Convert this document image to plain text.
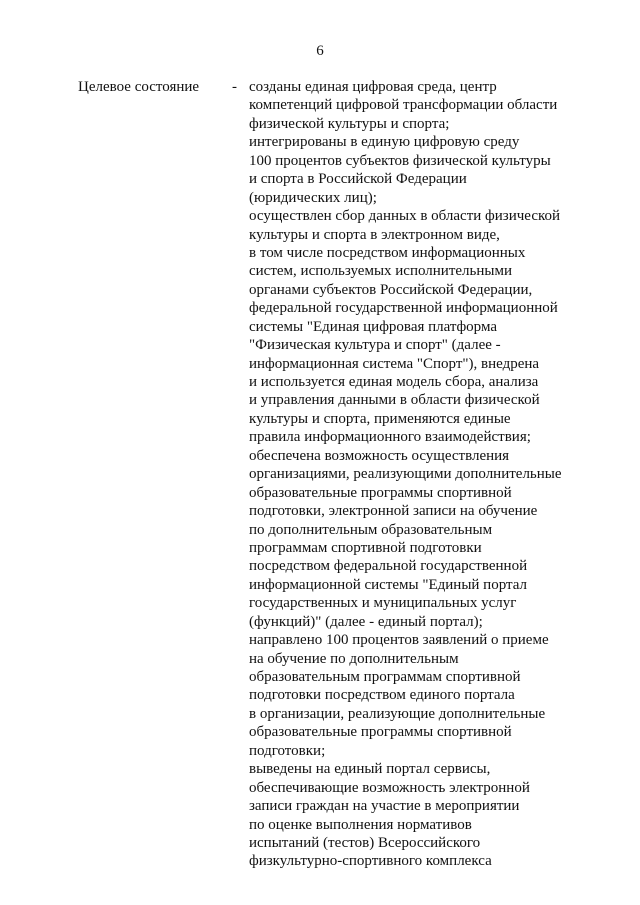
6
Целевое состояние - созданы единая цифровая среда, центр
компетенций цифровой трансформации области
физической культуры и спорта;
интегрированы в единую цифровую среду
100 процентов субъектов физической культуры
и спорта в Российской Федерации
(юридических лиц);
осуществлен сбор данных в области физической
культуры и спорта в электронном виде,
в том числе посредством информационных
систем, используемых исполнительными
органами субъектов Российской Федерации,
федеральной государственной информационной
системы "Единая цифровая платформа
"Физическая культура и спорт" (далее -
информационная система "Спорт"), внедрена
и используется единая модель сбора, анализа
и управления данными в области физической
культуры и спорта, применяются единые
правила информационного взаимодействия;
обеспечена возможность осуществления
организациями, реализующими дополнительные
образовательные программы спортивной
подготовки, электронной записи на обучение
по дополнительным образовательным
программам спортивной подготовки
посредством федеральной государственной
информационной системы "Единый портал
государственных и муниципальных услуг
(функций)" (далее - единый портал);
направлено 100 процентов заявлений о приеме
на обучение по дополнительным
образовательным программам спортивной
подготовки посредством единого портала
в организации, реализующие дополнительные
образовательные программы спортивной
подготовки;
выведены на единый портал сервисы,
обеспечивающие возможность электронной
записи граждан на участие в мероприятии
по оценке выполнения нормативов
испытаний (тестов) Всероссийского
физкультурно-спортивного комплекса
